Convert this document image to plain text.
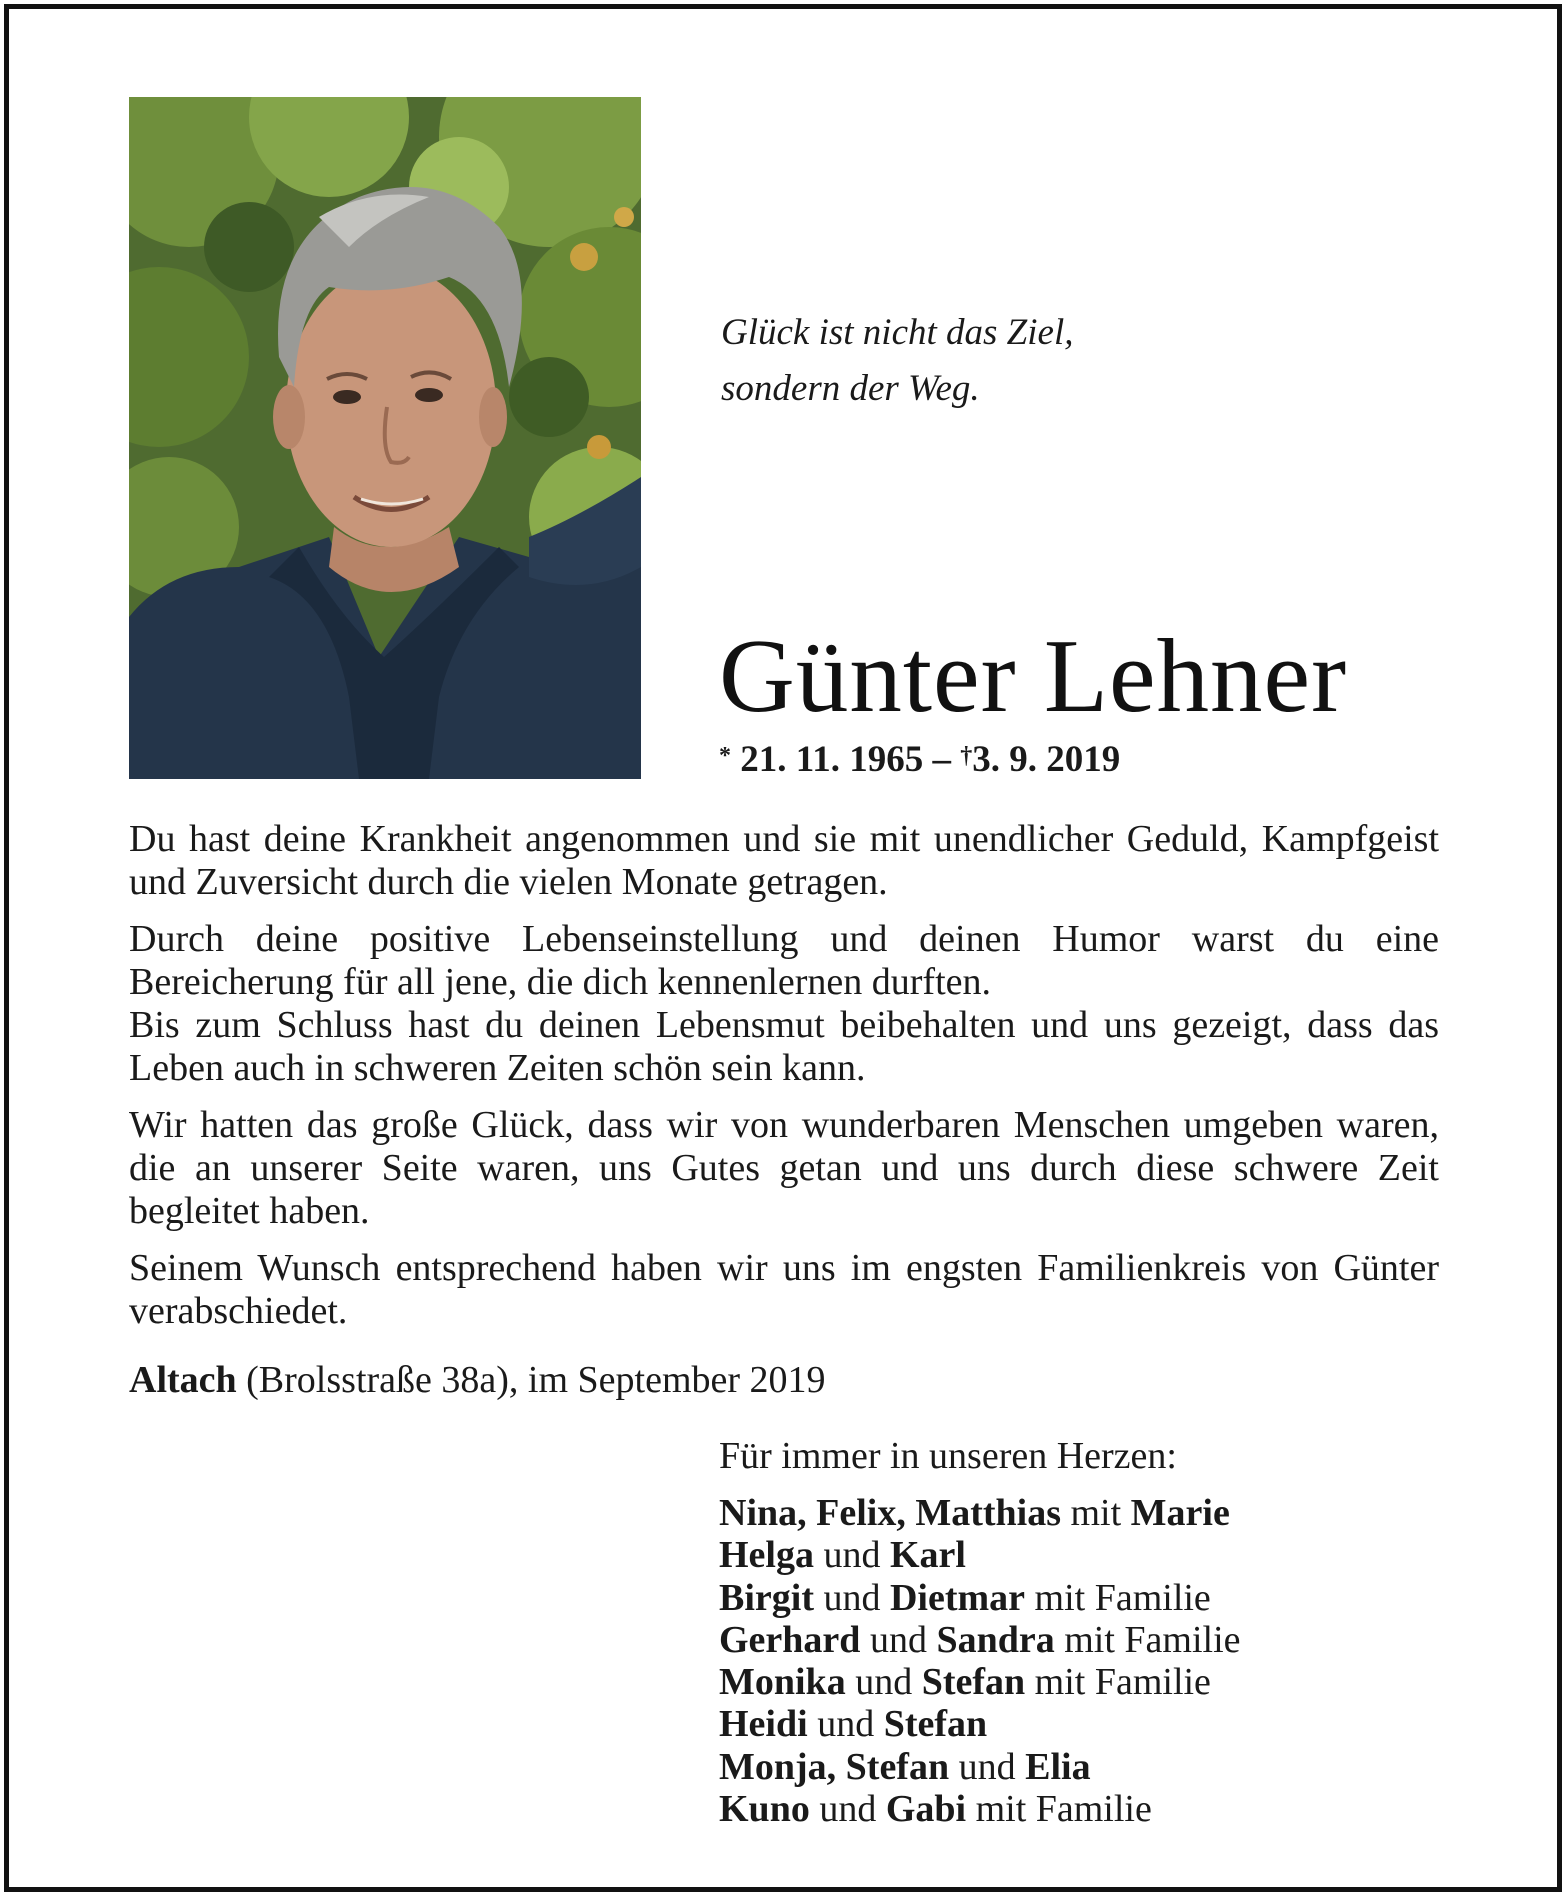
Glück ist nicht das Ziel,
sondern der Weg.
Günter Lehner
* 21. 11. 1965 – †3. 9. 2019

Du hast deine Krankheit angenommen und sie mit unendlicher Geduld, Kampfgeist und Zuversicht durch die vielen Monate getragen.

Durch deine positive Lebenseinstellung und deinen Humor warst du eine Bereicherung für all jene, die dich kennenlernen durften.

Bis zum Schluss hast du deinen Lebensmut beibehalten und uns gezeigt, dass das Leben auch in schweren Zeiten schön sein kann.

Wir hatten das große Glück, dass wir von wunderbaren Menschen umgeben waren, die an unserer Seite waren, uns Gutes getan und uns durch diese schwere Zeit begleitet haben.

Seinem Wunsch entsprechend haben wir uns im engsten Familienkreis von Günter verabschiedet.

Altach (Brolsstraße 38a), im September 2019
Für immer in unseren Herzen:
Nina, Felix, Matthias mit Marie
Helga und Karl
Birgit und Dietmar mit Familie
Gerhard und Sandra mit Familie
Monika und Stefan mit Familie
Heidi und Stefan
Monja, Stefan und Elia
Kuno und Gabi mit Familie
